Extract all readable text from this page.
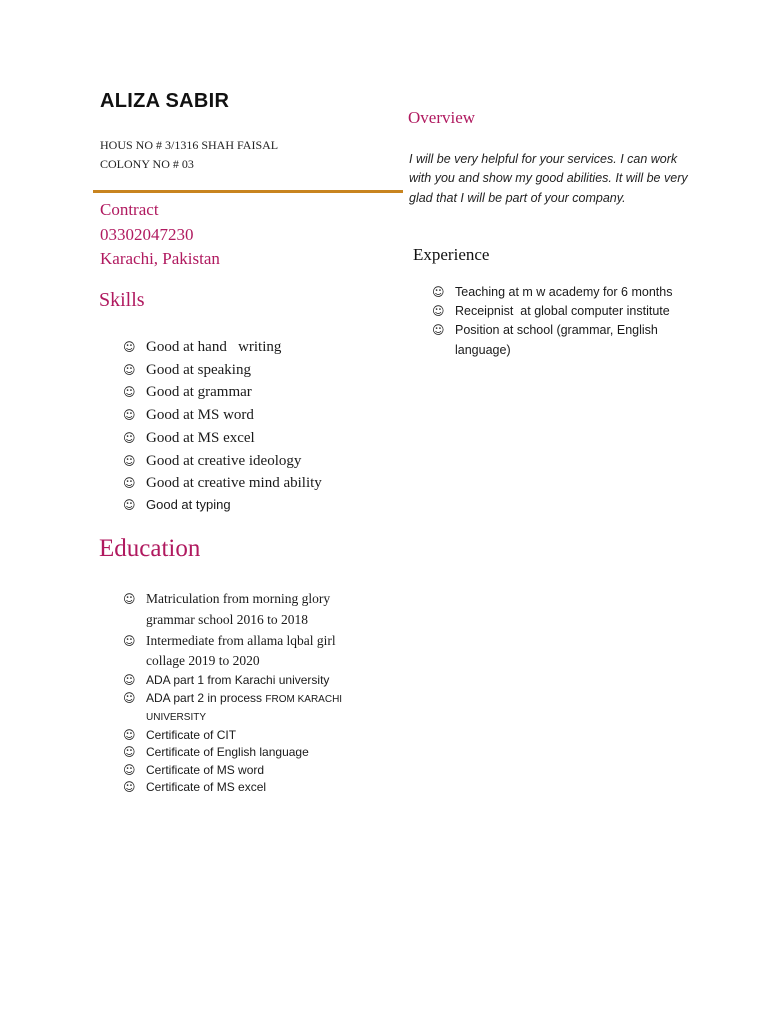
ALIZA SABIR
HOUS NO # 3/1316 SHAH FAISAL
COLONY NO # 03
Contract
03302047230
Karachi, Pakistan
Skills
☺ Good at hand   writing
☺ Good at speaking
☺ Good at grammar
☺ Good at MS word
☺ Good at MS excel
☺ Good at creative ideology
☺ Good at creative mind ability
☺ Good at typing
Education
☺ Matriculation from morning glory grammar school 2016 to 2018
☺ Intermediate from allama lqbal girl collage 2019 to 2020
☺ ADA part 1 from Karachi university
☺ ADA part 2 in process FROM KARACHI UNIVERSITY
☺ Certificate of CIT
☺ Certificate of English language
☺ Certificate of MS word
☺ Certificate of MS excel
Overview
I will be very helpful for your services. I can work with you and show my good abilities. It will be very glad that I will be part of your company.
Experience
☺ Teaching at m w academy for 6 months
☺ Receipnist  at global computer institute
☺ Position at school (grammar, English language)
